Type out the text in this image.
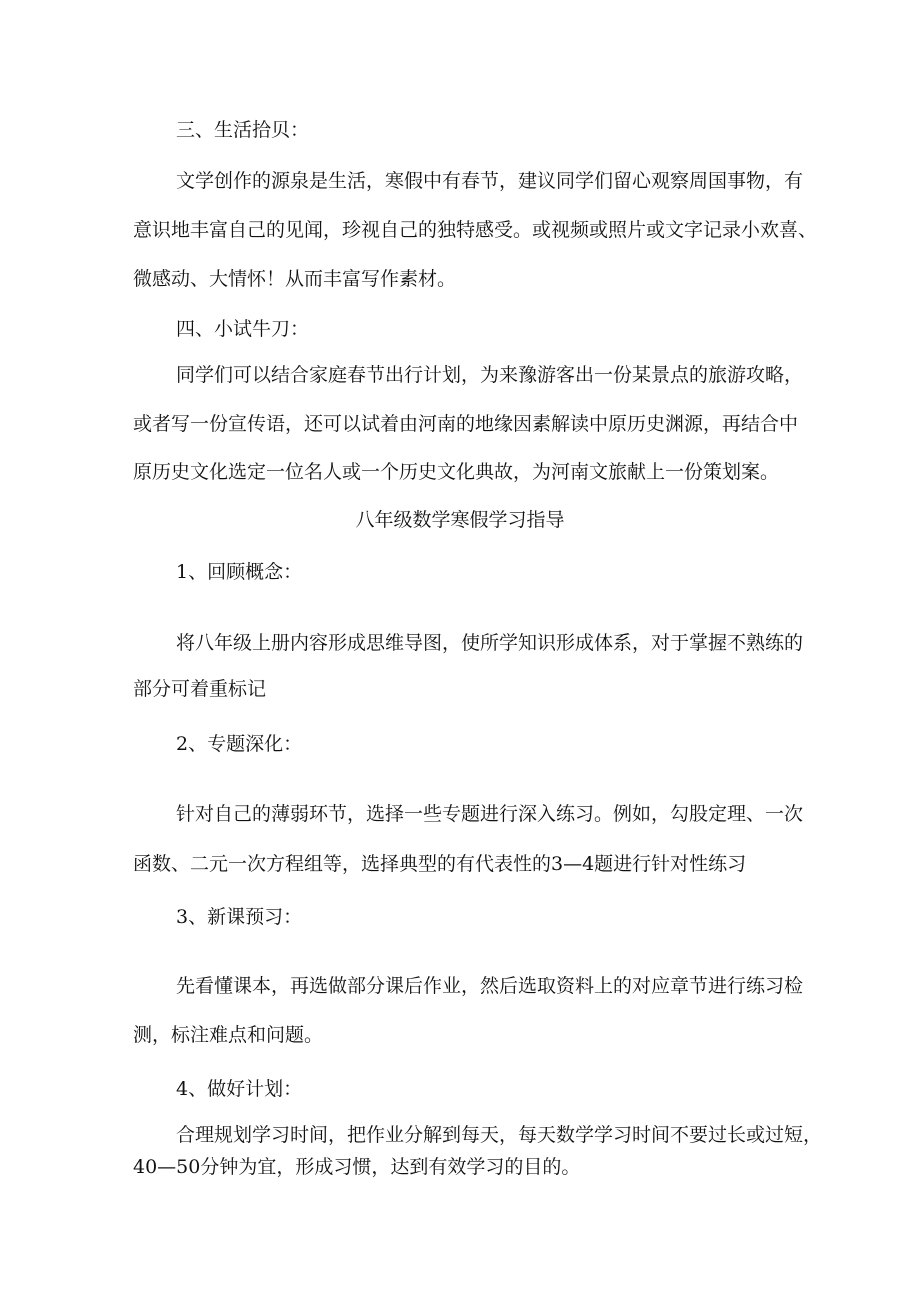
三、生活拾贝：
文学创作的源泉是生活，寒假中有春节，建议同学们留心观察周国事物，有
意识地丰富自己的见闻，珍视自己的独特感受。或视频或照片或文字记录小欢喜、
微感动、大情怀！从而丰富写作素材。
四、小试牛刀：
同学们可以结合家庭春节出行计划，为来豫游客出一份某景点的旅游攻略，
或者写一份宣传语，还可以试着由河南的地缘因素解读中原历史渊源，再结合中
原历史文化选定一位名人或一个历史文化典故，为河南文旅献上一份策划案。
八年级数学寒假学习指导
1、回顾概念：
将八年级上册内容形成思维导图，使所学知识形成体系，对于掌握不熟练的
部分可着重标记
2、专题深化：
针对自己的薄弱环节，选择一些专题进行深入练习。例如，勾股定理、一次
函数、二元一次方程组等，选择典型的有代表性的3—4题进行针对性练习
3、新课预习：
先看懂课本，再选做部分课后作业，然后选取资料上的对应章节进行练习检
测，标注难点和问题。
4、做好计划：
合理规划学习时间，把作业分解到每天，每天数学学习时间不要过长或过短，
40—50分钟为宜，形成习惯，达到有效学习的目的。
